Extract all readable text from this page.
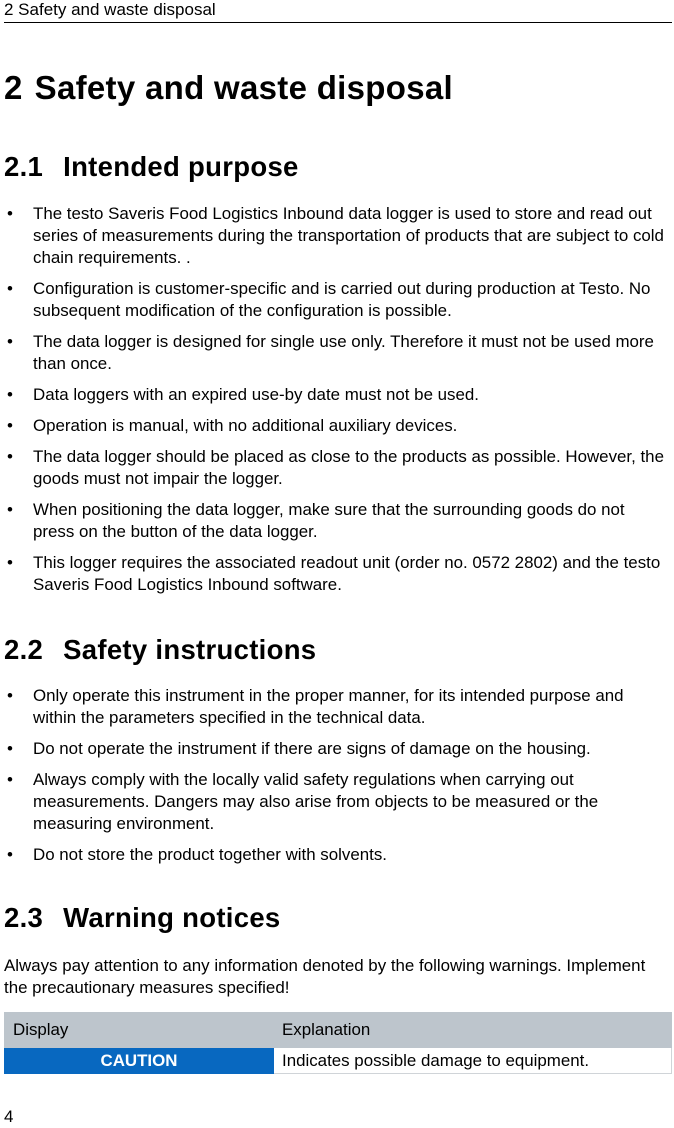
2 Safety and waste disposal
2 Safety and waste disposal
2.1 Intended purpose
• The testo Saveris Food Logistics Inbound data logger is used to store and read out series of measurements during the transportation of products that are subject to cold chain requirements. .
• Configuration is customer-specific and is carried out during production at Testo. No subsequent modification of the configuration is possible.
• The data logger is designed for single use only. Therefore it must not be used more than once.
• Data loggers with an expired use-by date must not be used.
• Operation is manual, with no additional auxiliary devices.
• The data logger should be placed as close to the products as possible. However, the goods must not impair the logger.
• When positioning the data logger, make sure that the surrounding goods do not press on the button of the data logger.
• This logger requires the associated readout unit (order no. 0572 2802) and the testo Saveris Food Logistics Inbound software.
2.2 Safety instructions
• Only operate this instrument in the proper manner, for its intended purpose and within the parameters specified in the technical data.
• Do not operate the instrument if there are signs of damage on the housing.
• Always comply with the locally valid safety regulations when carrying out measurements. Dangers may also arise from objects to be measured or the measuring environment.
• Do not store the product together with solvents.
2.3 Warning notices

Always pay attention to any information denoted by the following warnings. Implement the precautionary measures specified!

Display	Explanation
CAUTION	Indicates possible damage to equipment.
4
